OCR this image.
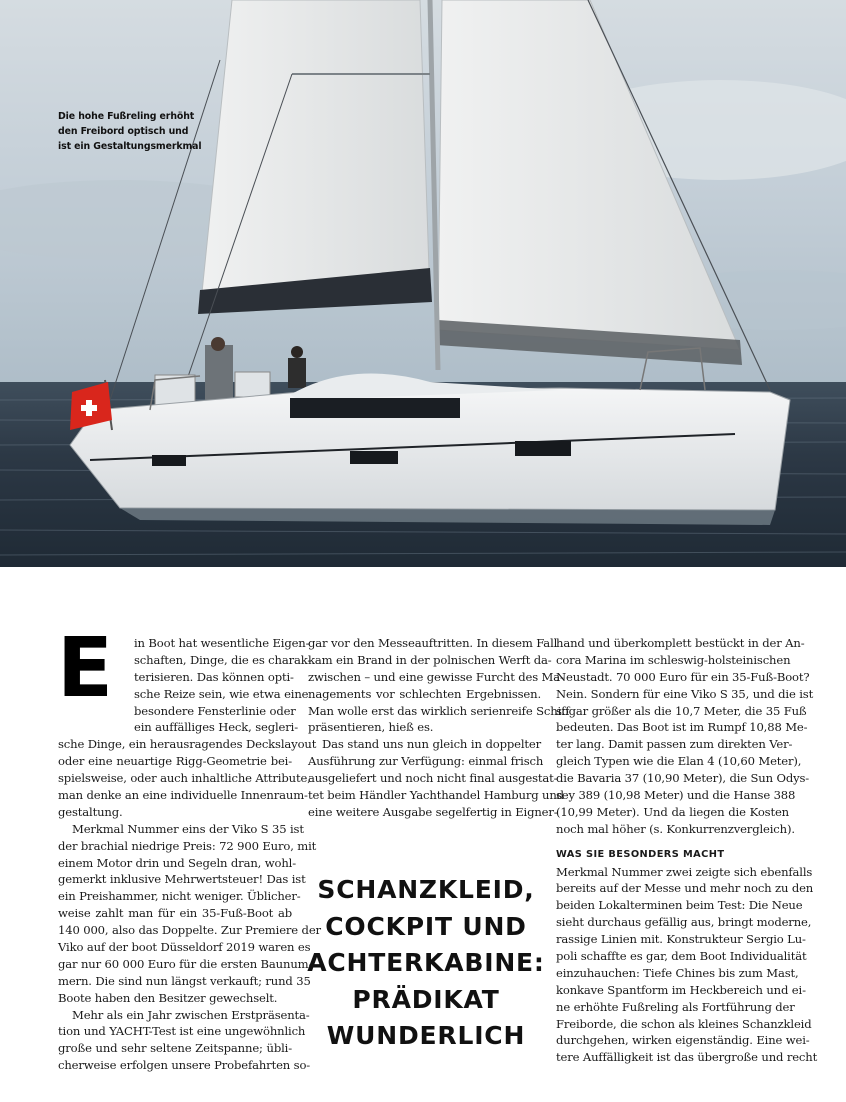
Die hohe Fußreling erhöht
den Freibord optisch und
ist ein Gestaltungsmerkmal
E	in Boot hat wesentliche Eigen-
schaften, Dinge, die es charak-
terisieren. Das können opti-
sche Reize sein, wie etwa eine
besondere Fensterlinie oder
ein auffälliges Heck, segleri-
sche Dinge, ein herausragendes Deckslayout
oder eine neuartige Rigg-Geometrie bei-
spielsweise, oder auch inhaltliche Attribute,
man denke an eine individuelle Innenraum-
gestaltung.
Merkmal Nummer eins der Viko S 35 ist
der brachial niedrige Preis: 72 900 Euro, mit
einem Motor drin und Segeln dran, wohl-
gemerkt inklusive Mehrwertsteuer! Das ist
ein Preishammer, nicht weniger. Üblicher-
weise zahlt man für ein 35-Fuß-Boot ab
140 000, also das Doppelte. Zur Premiere der
Viko auf der boot Düsseldorf 2019 waren es
gar nur 60 000 Euro für die ersten Baunum-
mern. Die sind nun längst verkauft; rund 35
Boote haben den Besitzer gewechselt.
Mehr als ein Jahr zwischen Erstpräsenta-
tion und YACHT-Test ist eine ungewöhnlich
große und sehr seltene Zeitspanne; übli-
cherweise erfolgen unsere Probefahrten so-
gar vor den Messeauftritten. In diesem Fall
kam ein Brand in der polnischen Werft da-
zwischen – und eine gewisse Furcht des Ma-
nagements vor schlechten Ergebnissen.
Man wolle erst das wirklich serienreife Schiff
präsentieren, hieß es.
Das stand uns nun gleich in doppelter
Ausführung zur Verfügung: einmal frisch
ausgeliefert und noch nicht final ausgestat-
tet beim Händler Yachthandel Hamburg und
eine weitere Ausgabe segelfertig in Eigner-
SCHANZKLEID,
COCKPIT UND
ACHTERKABINE:
PRÄDIKAT
WUNDERLICH
hand und überkomplett bestückt in der An-
cora Marina im schleswig-holsteinischen
Neustadt. 70 000 Euro für ein 35-Fuß-Boot?
Nein. Sondern für eine Viko S 35, und die ist
sogar größer als die 10,7 Meter, die 35 Fuß
bedeuten. Das Boot ist im Rumpf 10,88 Me-
ter lang. Damit passen zum direkten Ver-
gleich Typen wie die Elan 4 (10,60 Meter),
die Bavaria 37 (10,90 Meter), die Sun Odys-
sey 389 (10,98 Meter) und die Hanse 388
(10,99 Meter). Und da liegen die Kosten
noch mal höher (s. Konkurrenzvergleich).
WAS SIE BESONDERS MACHT
Merkmal Nummer zwei zeigte sich ebenfalls
bereits auf der Messe und mehr noch zu den
beiden Lokalterminen beim Test: Die Neue
sieht durchaus gefällig aus, bringt moderne,
rassige Linien mit. Konstrukteur Sergio Lu-
poli schaffte es gar, dem Boot Individualität
einzuhauchen: Tiefe Chines bis zum Mast,
konkave Spantform im Heckbereich und ei-
ne erhöhte Fußreling als Fortführung der
Freiborde, die schon als kleines Schanzkleid
durchgehen, wirken eigenständig. Eine wei-
tere Auffälligkeit ist das übergroße und recht
